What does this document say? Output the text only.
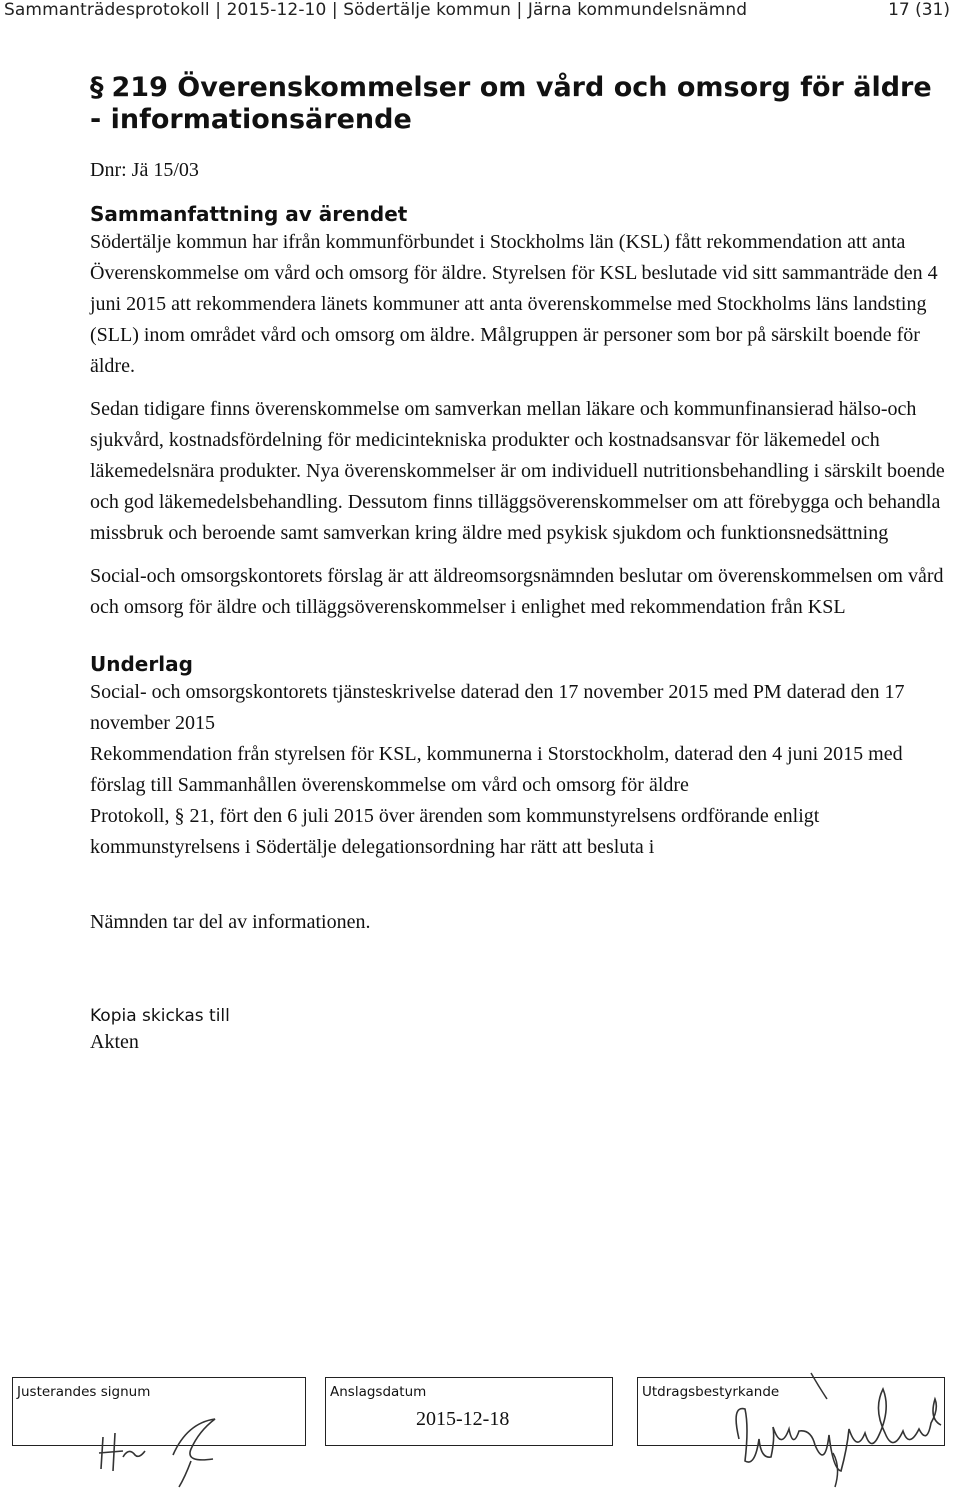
Sammanträdesprotokoll | 2015-12-10 | Södertälje kommun | Järna kommundelsnämnd	17 (31)
§ 219 Överenskommelser om vård och omsorg för äldre - informationsärende
Dnr: Jä 15/03
Sammanfattning av ärendet

Södertälje kommun har ifrån kommunförbundet i Stockholms län (KSL) fått rekommendation att anta Överenskommelse om vård och omsorg för äldre. Styrelsen för KSL beslutade vid sitt sammanträde den 4 juni 2015 att rekommendera länets kommuner att anta överenskommelse med Stockholms läns landsting (SLL) inom området vård och omsorg om äldre. Målgruppen är personer som bor på särskilt boende för äldre.

Sedan tidigare finns överenskommelse om samverkan mellan läkare och kommunfinansierad hälso-och sjukvård, kostnadsfördelning för medicintekniska produkter och kostnadsansvar för läkemedel och läkemedelsnära produkter. Nya överenskommelser är om individuell nutritionsbehandling i särskilt boende och god läkemedelsbehandling. Dessutom finns tilläggsöverenskommelser om att förebygga och behandla missbruk och beroende samt samverkan kring äldre med psykisk sjukdom och funktionsnedsättning

Social-och omsorgskontorets förslag är att äldreomsorgsnämnden beslutar om överenskommelsen om vård och omsorg för äldre och tilläggsöverenskommelser i enlighet med rekommendation från KSL

Underlag

Social- och omsorgskontorets tjänsteskrivelse daterad den 17 november 2015 med PM daterad den 17 november 2015

Rekommendation från styrelsen för KSL, kommunerna i Storstockholm, daterad den 4 juni 2015 med förslag till Sammanhållen överenskommelse om vård och omsorg för äldre

Protokoll, § 21, fört den 6 juli 2015 över ärenden som kommunstyrelsens ordförande enligt kommunstyrelsens i Södertälje delegationsordning har rätt att besluta i

Nämnden tar del av informationen.
Kopia skickas till
Akten
Justerandes signum	Anslagsdatum
2015-12-18
Utdragsbestyrkande
